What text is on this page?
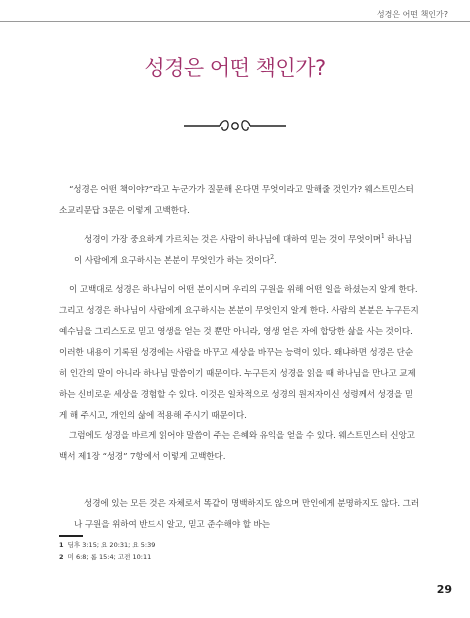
성경은 어떤 책인가?
성경은 어떤 책인가?

“성경은 어떤 책이야?”라고 누군가가 질문해 온다면 무엇이라고 말해줄 것인가? 웨스트민스터 소교리문답 3문은 이렇게 고백한다.

성경이 가장 중요하게 가르치는 것은 사람이 하나님에 대하여 믿는 것이 무엇이며$^1$ 하나님이 사람에게 요구하시는 본분이 무엇인가 하는 것이다$^2$.

이 고백대로 성경은 하나님이 어떤 분이시며 우리의 구원을 위해 어떤 일을 하셨는지 알게 한다. 그리고 성경은 하나님이 사람에게 요구하시는 본분이 무엇인지 알게 한다. 사람의 본분은 누구든지 예수님을 그리스도로 믿고 영생을 얻는 것 뿐만 아니라, 영생 얻은 자에 합당한 삶을 사는 것이다. 이러한 내용이 기록된 성경에는 사람을 바꾸고 세상을 바꾸는 능력이 있다. 왜냐하면 성경은 단순히 인간의 말이 아니라 하나님 말씀이기 때문이다. 누구든지 성경을 읽을 때 하나님을 만나고 교제하는 신비로운 세상을 경험할 수 있다. 이것은 일차적으로 성경의 원저자이신 성령께서 성경을 믿게 해 주시고, 개인의 삶에 적용해 주시기 때문이다.

그럼에도 성경을 바르게 읽어야 말씀이 주는 은혜와 유익을 얻을 수 있다. 웨스트민스터 신앙고백서 제1장 “성경” 7항에서 이렇게 고백한다.

성경에 있는 모든 것은 자체로서 똑같이 명백하지도 않으며 만인에게 분명하지도 않다. 그러나 구원을 위하여 반드시 알고, 믿고 준수해야 할 바는

1 딤후 3:15; 요 20:31; 요 5:39
2 미 6:8; 롬 15:4; 고전 10:11
29
